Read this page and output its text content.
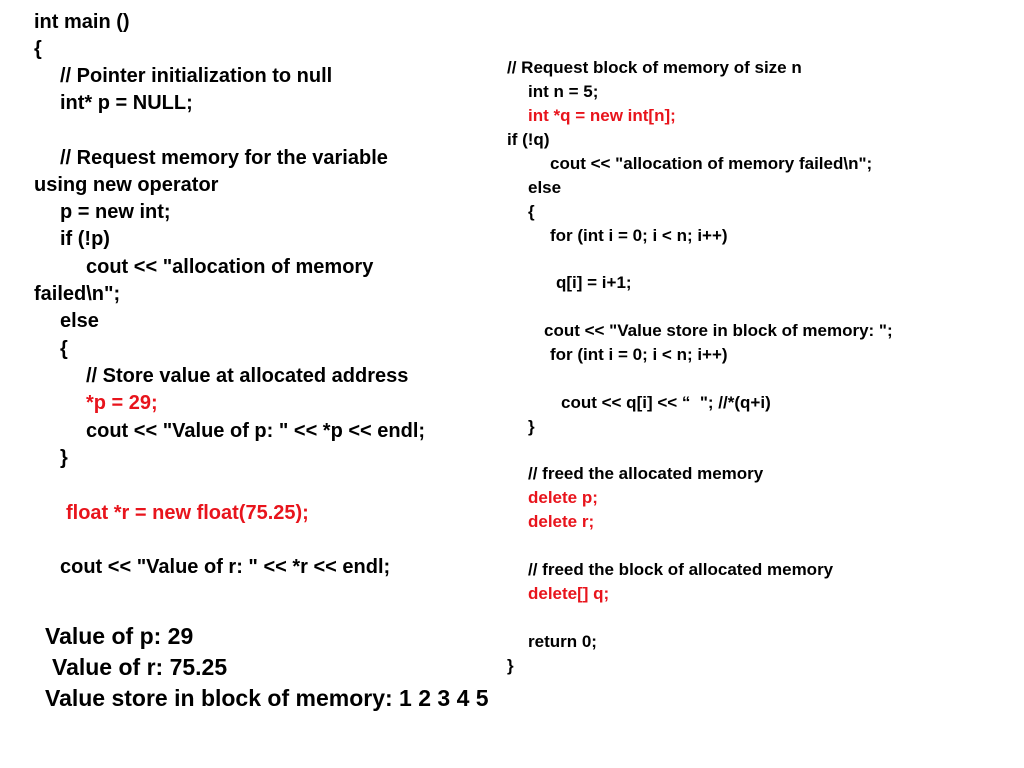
int main ()
{
// Pointer initialization to null
int* p = NULL;
// Request memory for the variable
using new operator
p = new int;
if (!p)
cout << "allocation of memory
failed\n";
else
{
// Store value at allocated address
*p = 29;
cout << "Value of p: " << *p << endl;
}
float *r = new float(75.25);
cout << "Value of r: " << *r << endl;
// Request block of memory of size n
int n = 5;
int *q = new int[n];
if (!q)
cout << "allocation of memory failed\n";
else
{
for (int i = 0; i < n; i++)
q[i] = i+1;
cout << "Value store in block of memory: ";
for (int i = 0; i < n; i++)
cout << q[i] << “  "; //*(q+i)
}
// freed the allocated memory
delete p;
delete r;
// freed the block of allocated memory
delete[] q;
return 0;
}
Value of p: 29
Value of r: 75.25
Value store in block of memory: 1 2 3 4 5
